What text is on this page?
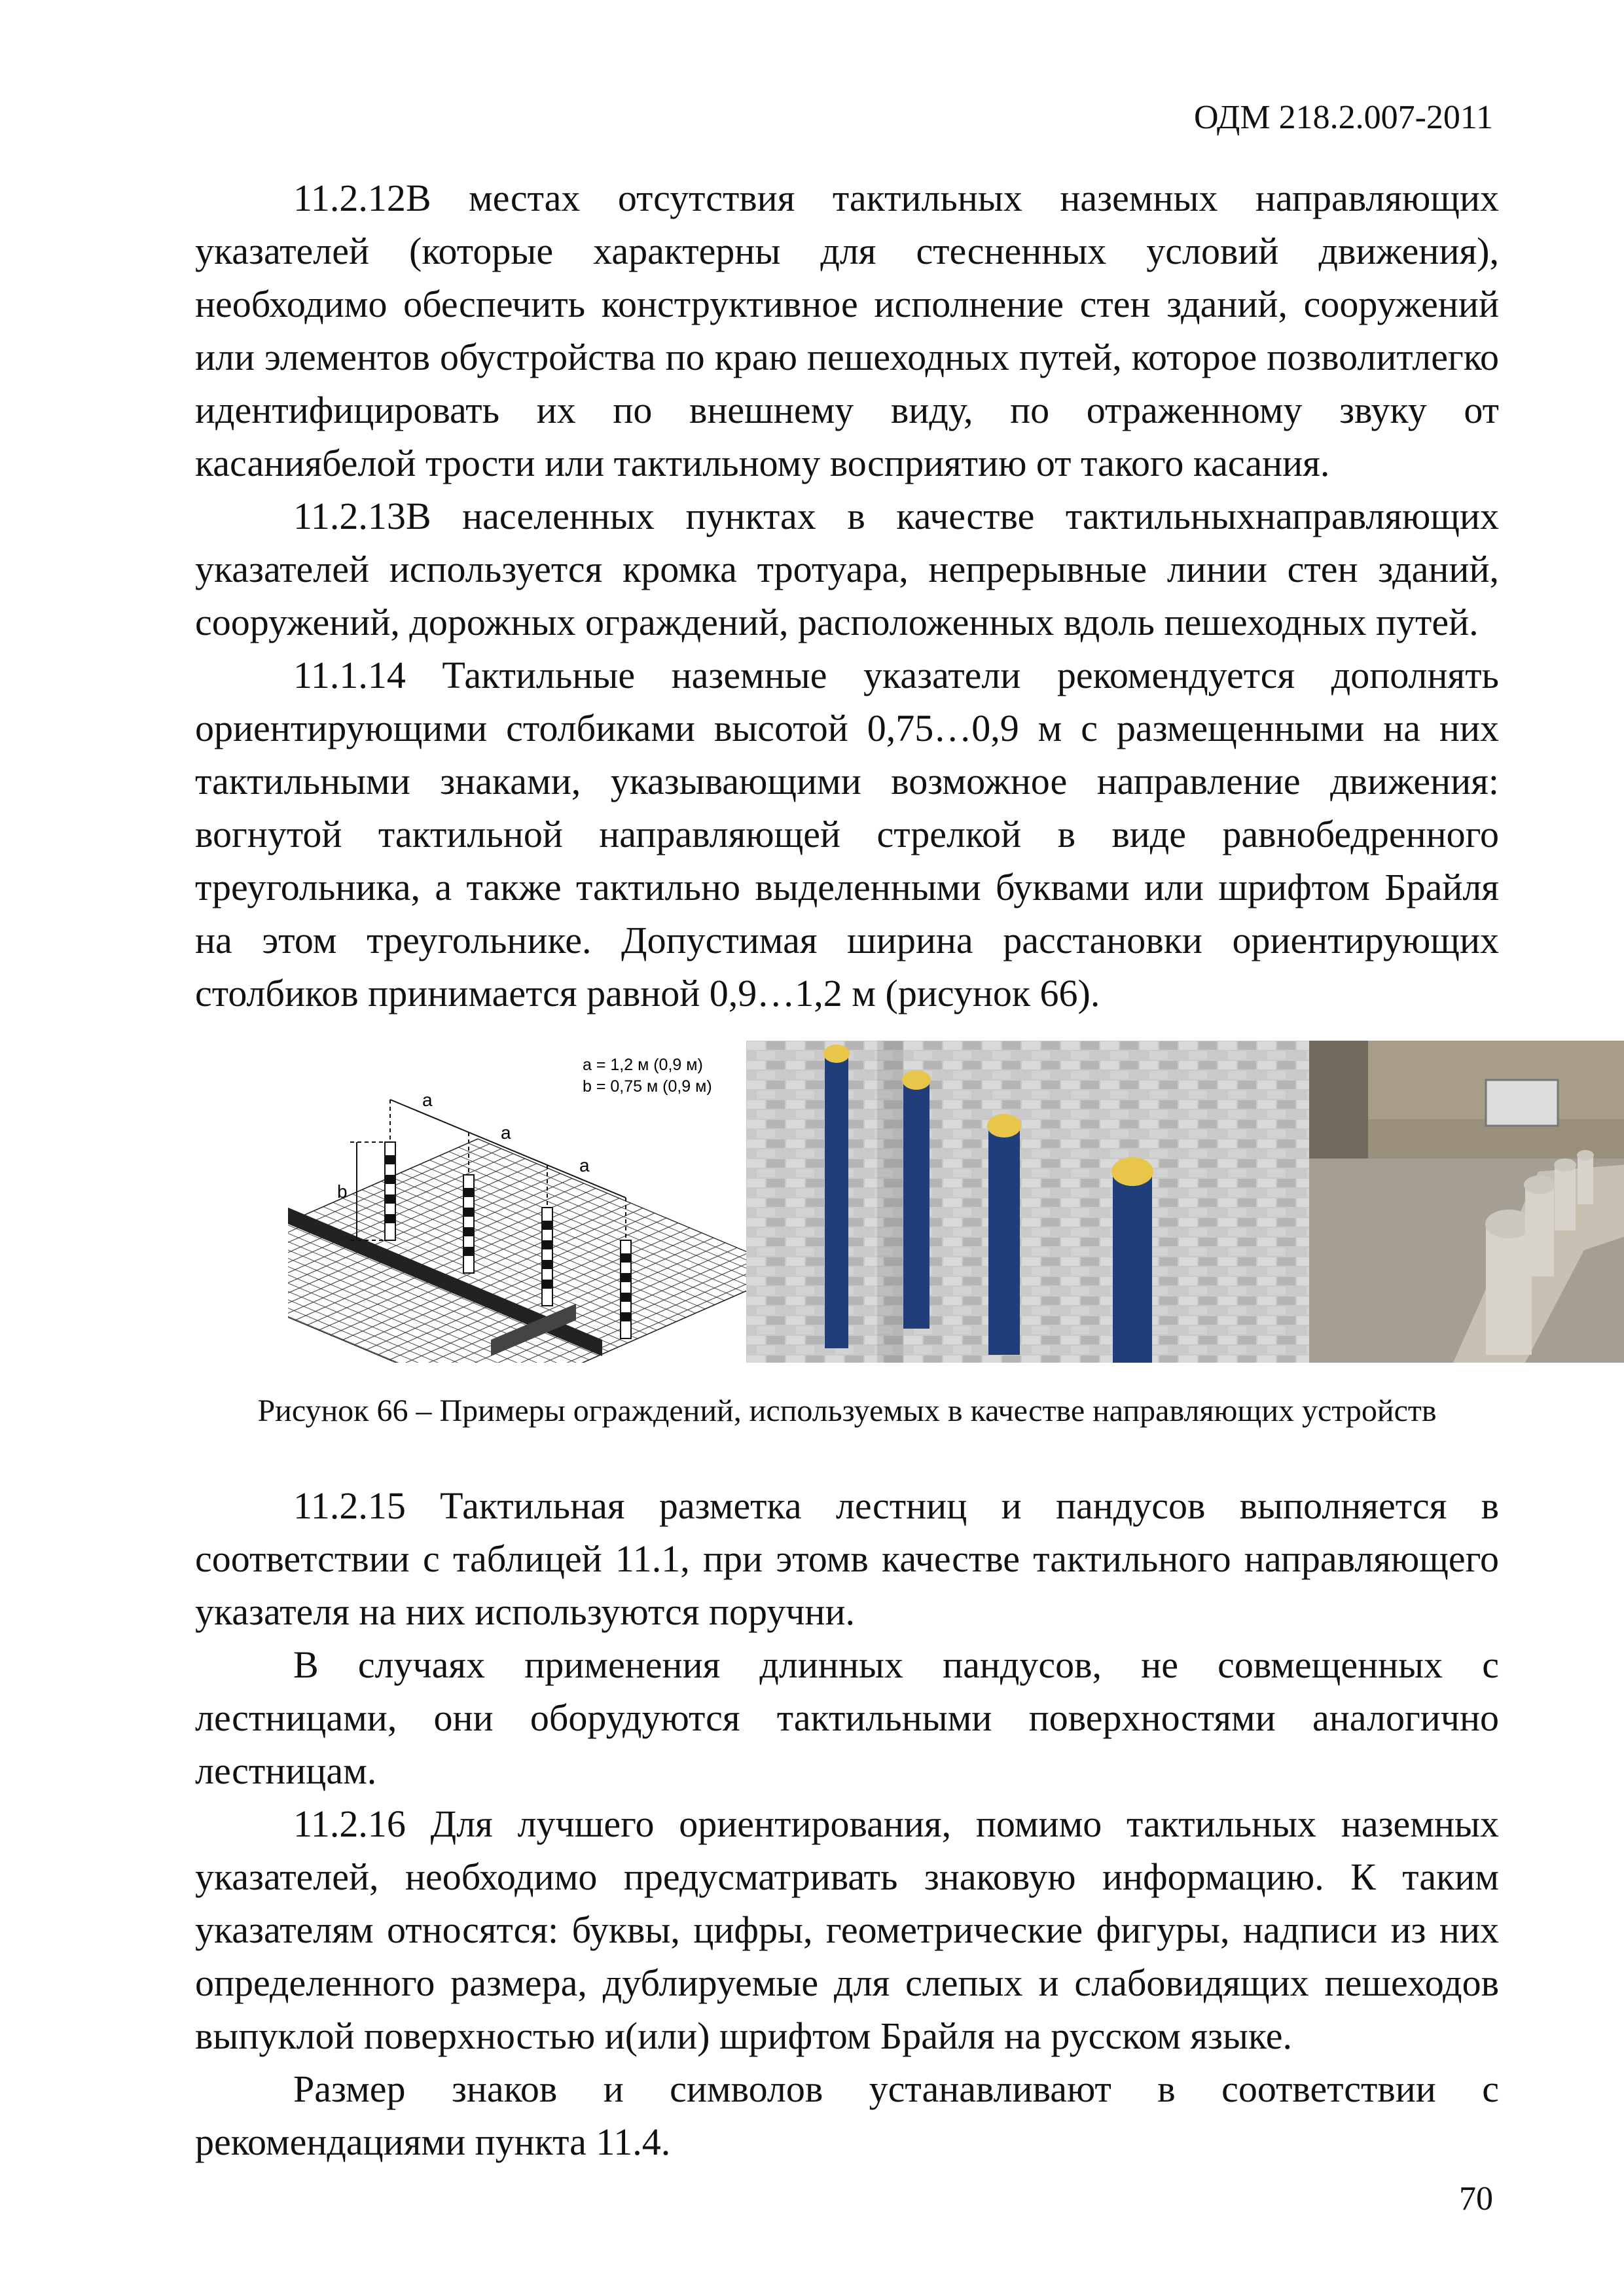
ОДМ 218.2.007-2011

11.2.12В местах отсутствия тактильных наземных направляющих указателей (которые характерны для стесненных условий движения), необходимо обеспечить конструктивное исполнение стен зданий, сооружений или элементов обустройства по краю пешеходных путей, которое позволитлегко идентифицировать их по внешнему виду, по отраженному звуку от касаниябелой трости или тактильному восприятию от такого касания.

11.2.13В населенных пунктах в качестве тактильныхнаправляющих указателей используется кромка тротуара, непрерывные линии стен зданий, сооружений, дорожных ограждений, расположенных вдоль пешеходных путей.

11.1.14 Тактильные наземные указатели рекомендуется дополнять ориентирующими столбиками высотой 0,75…0,9 м с размещенными на них тактильными знаками, указывающими возможное направление движения: вогнутой тактильной направляющей стрелкой в виде равнобедренного треугольника, а также тактильно выделенными буквами или шрифтом Брайля на этом треугольнике. Допустимая ширина расстановки ориентирующих столбиков принимается равной 0,9…1,2 м (рисунок 66).

a
a
a
b
a = 1,2 м (0,9 м)
b = 0,75 м (0,9 м)
Рисунок 66 – Примеры ограждений, используемых в качестве направляющих устройств

11.2.15 Тактильная разметка лестниц и пандусов выполняется в соответствии с таблицей 11.1, при этомв качестве тактильного направляющего указателя на них используются поручни.

В случаях применения длинных пандусов, не совмещенных с лестницами, они оборудуются тактильными поверхностями аналогично лестницам.

11.2.16 Для лучшего ориентирования, помимо тактильных наземных указателей, необходимо предусматривать знаковую информацию. К таким указателям относятся: буквы, цифры, геометрические фигуры, надписи из них определенного размера, дублируемые для слепых и слабовидящих пешеходов выпуклой поверхностью и(или) шрифтом Брайля на русском языке.

Размер знаков и символов устанавливают в соответствии с рекомендациями пункта 11.4.

70
